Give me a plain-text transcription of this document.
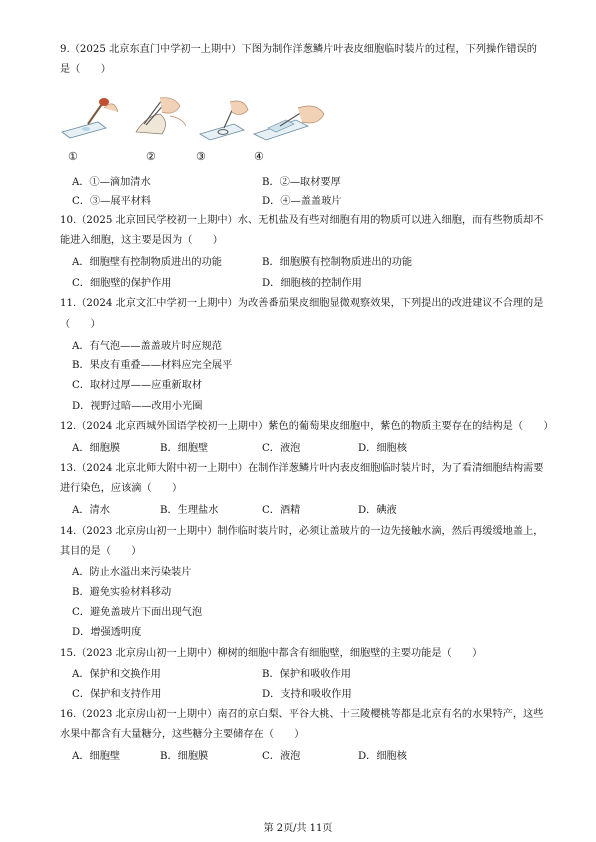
9.（2025 北京东直门中学初一上期中）下图为制作洋葱鳞片叶表皮细胞临时装片的过程，下列操作错误的
是（　　）
①	②	③	④
A．①—滴加清水	B．②—取材要厚
C．③—展平材料	D．④—盖盖玻片
10.（2025 北京回民学校初一上期中）水、无机盐及有些对细胞有用的物质可以进入细胞，而有些物质却不
能进入细胞，这主要是因为（　　）
A．细胞壁有控制物质进出的功能	B．细胞膜有控制物质进出的功能
C．细胞壁的保护作用	D．细胞核的控制作用
11.（2024 北京文汇中学初一上期中）为改善番茄果皮细胞显微观察效果，下列提出的改进建议不合理的是
（　　）
A．有气泡——盖盖玻片时应规范
B．果皮有重叠——材料应完全展平
C．取材过厚——应重新取材
D．视野过暗——改用小光圈
12.（2024 北京西城外国语学校初一上期中）紫色的葡萄果皮细胞中，紫色的物质主要存在的结构是（　　）
A．细胞膜	B．细胞壁	C．液泡	D．细胞核
13.（2024 北京北师大附中初一上期中）在制作洋葱鳞片叶内表皮细胞临时装片时，为了看清细胞结构需要
进行染色，应该滴（　　）
A．清水	B．生理盐水	C．酒精	D．碘液
14.（2023 北京房山初一上期中）制作临时装片时，必须让盖玻片的一边先接触水滴，然后再缓缓地盖上，
其目的是（　　）
A．防止水溢出来污染装片
B．避免实验材料移动
C．避免盖玻片下面出现气泡
D．增强透明度
15.（2023 北京房山初一上期中）柳树的细胞中都含有细胞壁，细胞壁的主要功能是（　　）
A．保护和交换作用	B．保护和吸收作用
C．保护和支持作用	D．支持和吸收作用
16.（2023 北京房山初一上期中）南召的京白梨、平谷大桃、十三陵樱桃等都是北京有名的水果特产，这些
水果中都含有大量糖分，这些糖分主要储存在（　　）
A．细胞壁	B．细胞膜	C．液泡	D．细胞核
第 2页/共 11页
